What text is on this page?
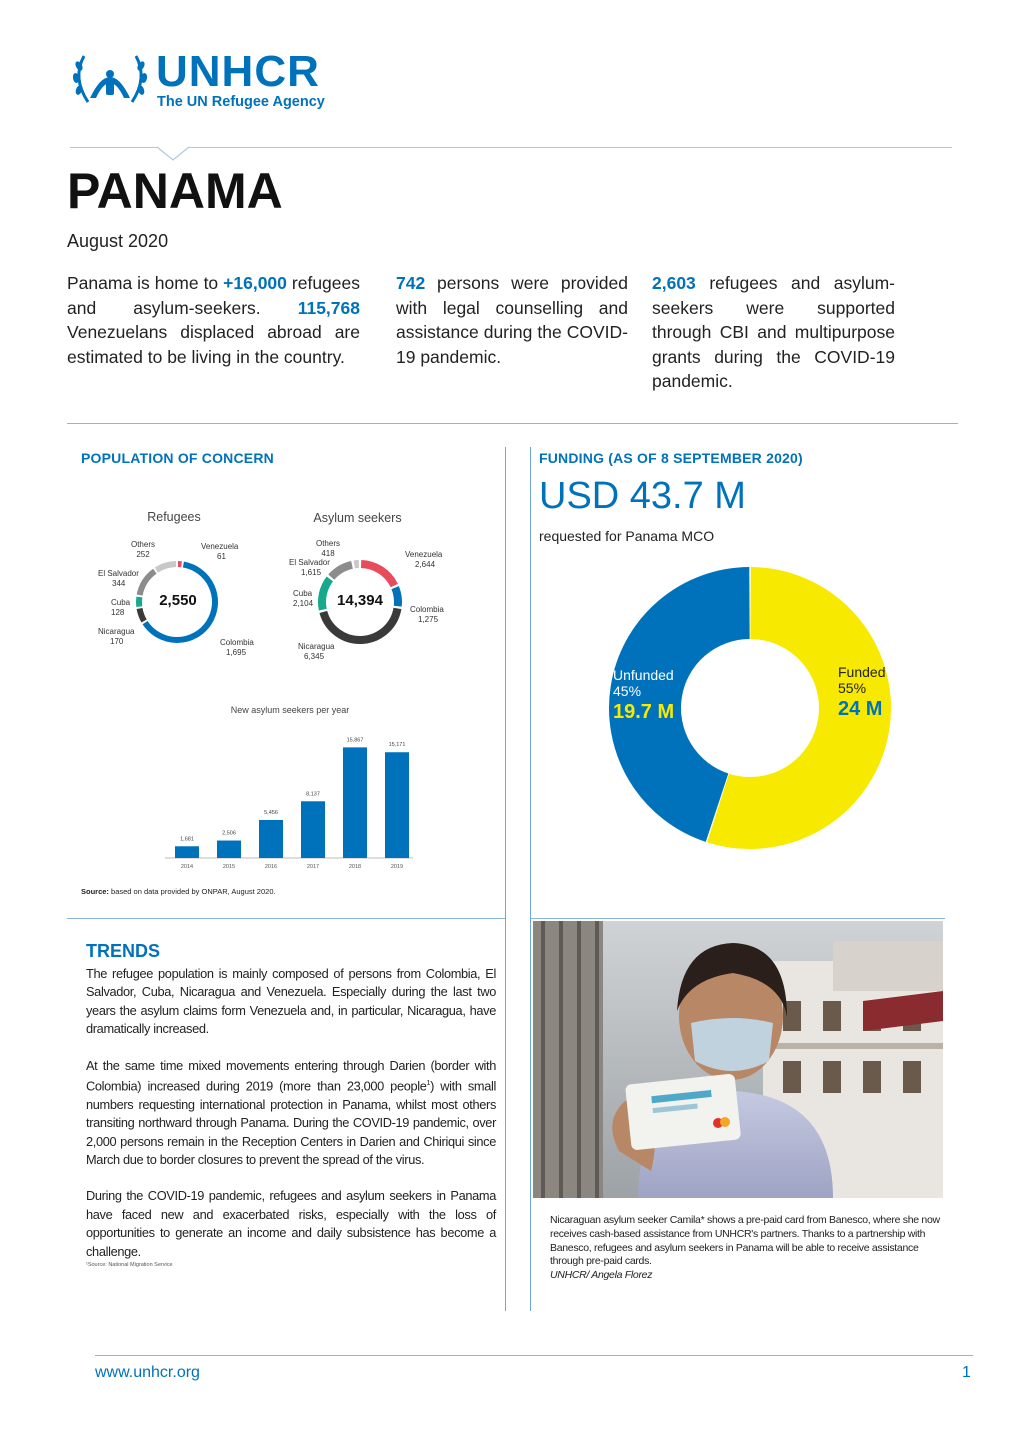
UNHCR
The UN Refugee Agency
PANAMA
August 2020
Panama is home to +16,000 refugees and asylum-seekers. 115,768 Venezuelans displaced abroad are estimated to be living in the country.
742 persons were provided with legal counselling and assistance during the COVID-19 pandemic.
2,603 refugees and asylum-seekers were supported through CBI and multipurpose grants during the COVID-19 pandemic.
POPULATION OF CONCERN
Refugees	Asylum seekers
2,550	14,394
Others
252
Venezuela
61
El Salvador
344
Cuba
128
Nicaragua
170	Colombia
1,695
Others
418
El Salvador
1,615
Venezuela
2,644
Cuba
2,104
Colombia
1,275
Nicaragua
6,345
New asylum seekers per year
1,681
2014
2,506
2015
5,456
2016
8,137
2017
15,867
2018
15,171
2019
Source: based on data provided by ONPAR, August 2020.
FUNDING (AS OF 8 SEPTEMBER 2020)
USD 43.7 M
requested for Panama MCO
Unfunded
45%
19.7 M
Funded
55%
24 M
TRENDS

The refugee population is mainly composed of persons from Colombia, El Salvador, Cuba, Nicaragua and Venezuela. Especially during the last two years the asylum claims form Venezuela and, in particular, Nicaragua, have dramatically increased.

At the same time mixed movements entering through Darien (border with Colombia) increased during 2019 (more than 23,000 people$^1$) with small numbers requesting international protection in Panama, whilst most others transiting northward through Panama. During the COVID-19 pandemic, over 2,000 persons remain in the Reception Centers in Darien and Chiriqui since March due to border closures to prevent the spread of the virus.

During the COVID-19 pandemic, refugees and asylum seekers in Panama have faced new and exacerbated risks, especially with the loss of opportunities to generate an income and daily subsistence has become a challenge.

¹Source: National Migration Service

Nicaraguan asylum seeker Camila* shows a pre-paid card from Banesco, where she now receives cash-based assistance from UNHCR's partners. Thanks to a partnership with Banesco, refugees and asylum seekers in Panama will be able to receive assistance through pre-paid cards.
UNHCR/ Angela Florez
www.unhcr.org	1
